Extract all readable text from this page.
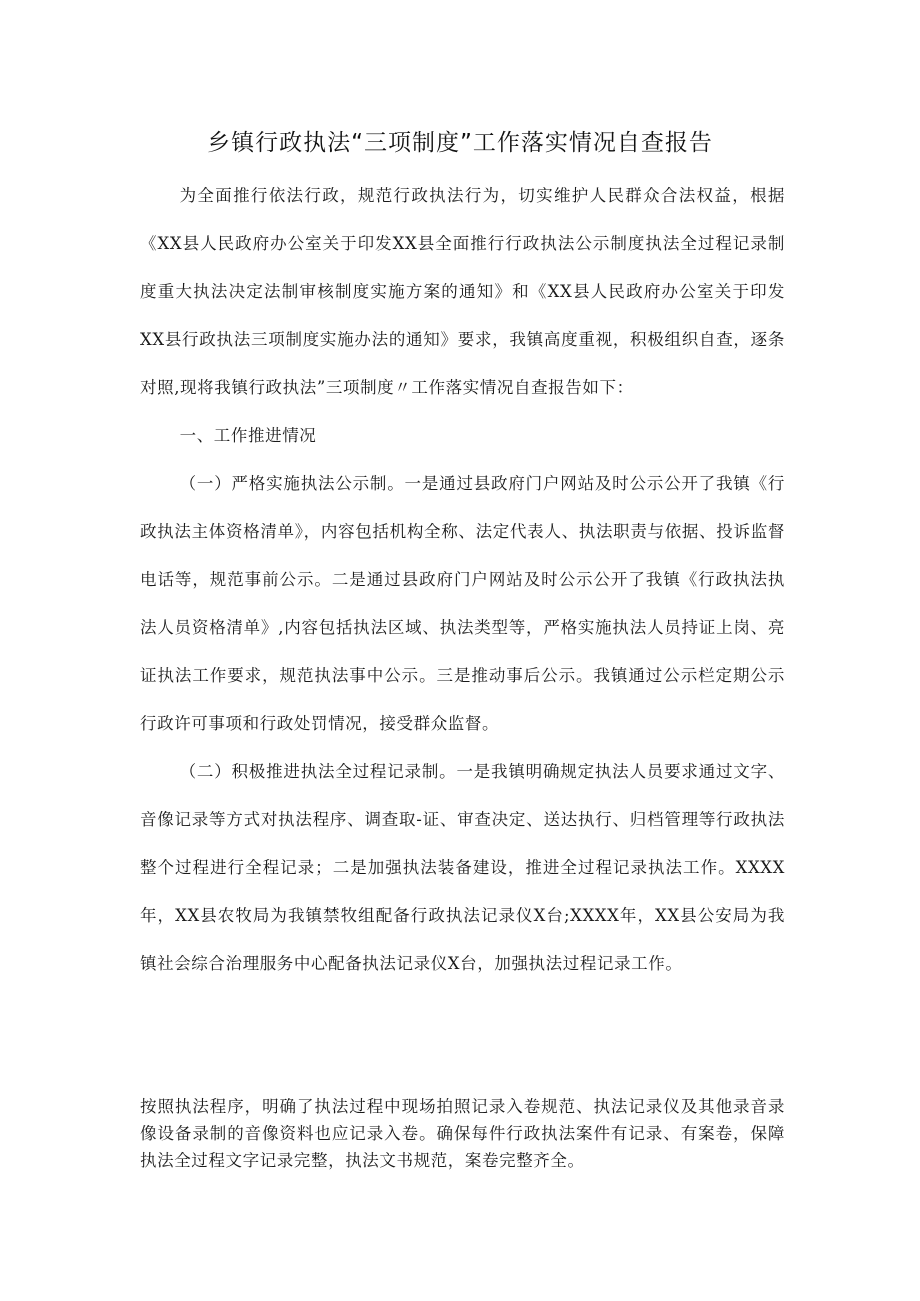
乡镇行政执法“三项制度”工作落实情况自查报告

为全面推行依法行政，规范行政执法行为，切实维护人民群众合法权益，根据《XX县人民政府办公室关于印发XX县全面推行行政执法公示制度执法全过程记录制度重大执法决定法制审核制度实施方案的通知》和《XX县人民政府办公室关于印发XX县行政执法三项制度实施办法的通知》要求，我镇高度重视，积极组织自查，逐条对照,现将我镇行政执法”三项制度〃工作落实情况自查报告如下：

一、工作推进情况

（一）严格实施执法公示制。一是通过县政府门户网站及时公示公开了我镇《行政执法主体资格清单》，内容包括机构全称、法定代表人、执法职责与依据、投诉监督电话等，规范事前公示。二是通过县政府门户网站及时公示公开了我镇《行政执法执法人员资格清单》,内容包括执法区域、执法类型等，严格实施执法人员持证上岗、亮证执法工作要求，规范执法事中公示。三是推动事后公示。我镇通过公示栏定期公示行政许可事项和行政处罚情况，接受群众监督。

（二）积极推进执法全过程记录制。一是我镇明确规定执法人员要求通过文字、音像记录等方式对执法程序、调查取-证、审查决定、送达执行、归档管理等行政执法整个过程进行全程记录；二是加强执法装备建设，推进全过程记录执法工作。XXXX年，XX县农牧局为我镇禁牧组配备行政执法记录仪X台;XXXX年，XX县公安局为我镇社会综合治理服务中心配备执法记录仪X台，加强执法过程记录工作。

按照执法程序，明确了执法过程中现场拍照记录入卷规范、执法记录仪及其他录音录像设备录制的音像资料也应记录入卷。确保每件行政执法案件有记录、有案卷，保障执法全过程文字记录完整，执法文书规范，案卷完整齐全。
